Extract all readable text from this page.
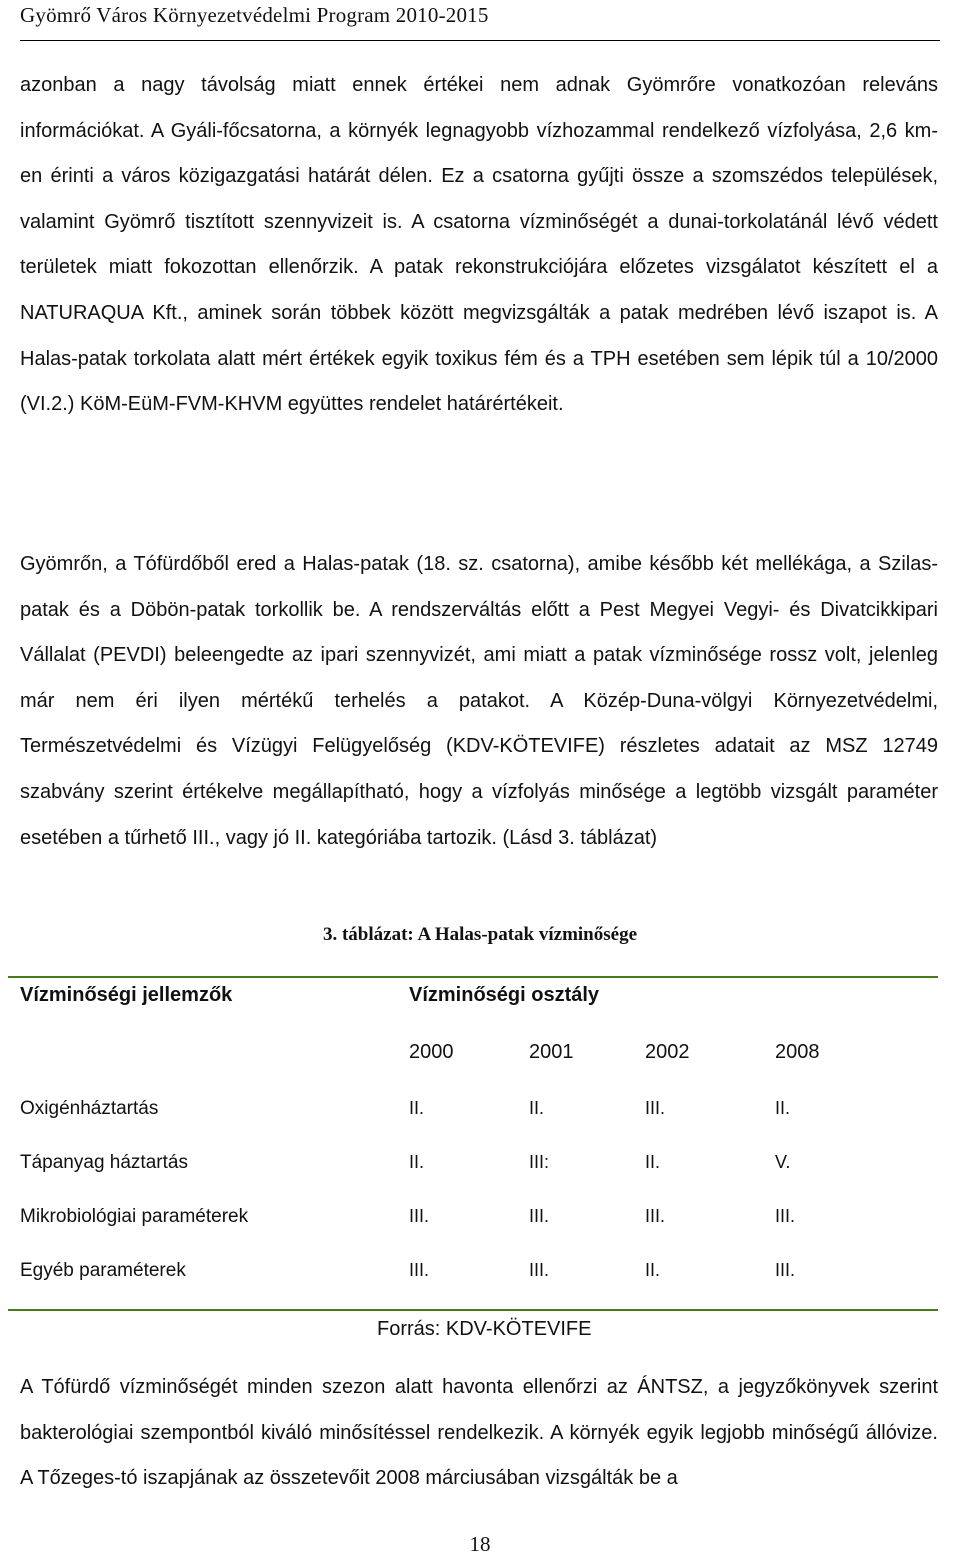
Gyömrő Város Környezetvédelmi Program 2010-2015
azonban a nagy távolság miatt ennek értékei nem adnak Gyömrőre vonatkozóan releváns információkat. A Gyáli-főcsatorna, a környék legnagyobb vízhozammal rendelkező vízfolyása, 2,6 km-en érinti a város közigazgatási határát délen. Ez a csatorna gyűjti össze a szomszédos települések, valamint Gyömrő tisztított szennyvizeit is. A csatorna vízminőségét a dunai-torkolatánál lévő védett területek miatt fokozottan ellenőrzik. A patak rekonstrukciójára előzetes vizsgálatot készített el a NATURAQUA Kft., aminek során többek között megvizsgálták a patak medrében lévő iszapot is. A Halas-patak torkolata alatt mért értékek egyik toxikus fém és a TPH esetében sem lépik túl a 10/2000 (VI.2.) KöM-EüM-FVM-KHVM együttes rendelet határértékeit.
Gyömrőn, a Tófürdőből ered a Halas-patak (18. sz. csatorna), amibe később két mellékága, a Szilas-patak és a Döbön-patak torkollik be. A rendszerváltás előtt a Pest Megyei Vegyi- és Divatcikkipari Vállalat (PEVDI) beleengedte az ipari szennyvizét, ami miatt a patak vízminősége rossz volt, jelenleg már nem éri ilyen mértékű terhelés a patakot. A Közép-Duna-völgyi Környezetvédelmi, Természetvédelmi és Vízügyi Felügyelőség (KDV-KÖTEVIFE) részletes adatait az MSZ 12749 szabvány szerint értékelve megállapítható, hogy a vízfolyás minősége a legtöbb vizsgált paraméter esetében a tűrhető III., vagy jó II. kategóriába tartozik. (Lásd 3. táblázat)
3. táblázat: A Halas-patak vízminősége
Vízminőségi jellemzők	Vízminőségi osztály
2000	2001	2002	2008
Oxigénháztartás	II.	II.	III.	II.
Tápanyag háztartás	II.	III:	II.	V.
Mikrobiológiai paraméterek	III.	III.	III.	III.
Egyéb paraméterek	III.	III.	II.	III.
Forrás: KDV-KÖTEVIFE
A Tófürdő vízminőségét minden szezon alatt havonta ellenőrzi az ÁNTSZ, a jegyzőkönyvek szerint bakterológiai szempontból kiváló minősítéssel rendelkezik. A környék egyik legjobb minőségű állóvize. A Tőzeges-tó iszapjának az összetevőit 2008 márciusában vizsgálták be a
18
